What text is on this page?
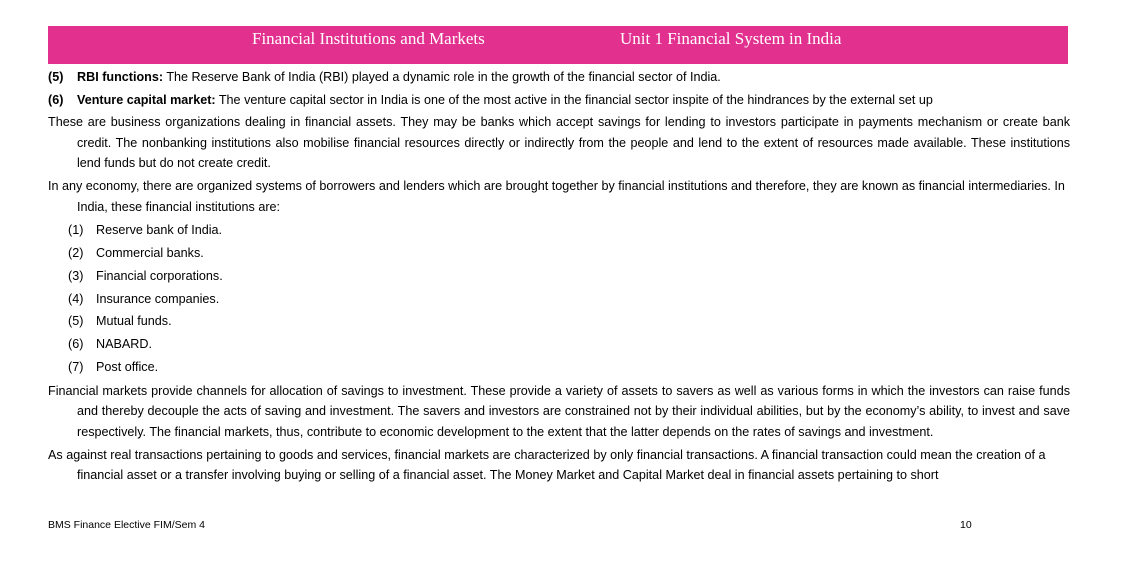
Financial Institutions and Markets	Unit 1 Financial System in India
(5) RBI functions: The Reserve Bank of India (RBI) played a dynamic role in the growth of the financial sector of India.
(6) Venture capital market: The venture capital sector in India is one of the most active in the financial sector inspite of the hindrances by the external set up
These are business organizations dealing in financial assets. They may be banks which accept savings for lending to investors participate in payments mechanism or create bank credit. The nonbanking institutions also mobilise financial resources directly or indirectly from the people and lend to the extent of resources made available. These institutions lend funds but do not create credit.
In any economy, there are organized systems of borrowers and lenders which are brought together by financial institutions and therefore, they are known as financial intermediaries. In India, these financial institutions are:
(1) Reserve bank of India.
(2) Commercial banks.
(3) Financial corporations.
(4) Insurance companies.
(5) Mutual funds.
(6) NABARD.
(7) Post office.
Financial markets provide channels for allocation of savings to investment. These provide a variety of assets to savers as well as various forms in which the investors can raise funds and thereby decouple the acts of saving and investment. The savers and investors are constrained not by their individual abilities, but by the economy’s ability, to invest and save respectively. The financial markets, thus, contribute to economic development to the extent that the latter depends on the rates of savings and investment.
As against real transactions pertaining to goods and services, financial markets are characterized by only financial transactions. A financial transaction could mean the creation of a financial asset or a transfer involving buying or selling of a financial asset. The Money Market and Capital Market deal in financial assets pertaining to short
BMS Finance Elective FIM/Sem 4	10
